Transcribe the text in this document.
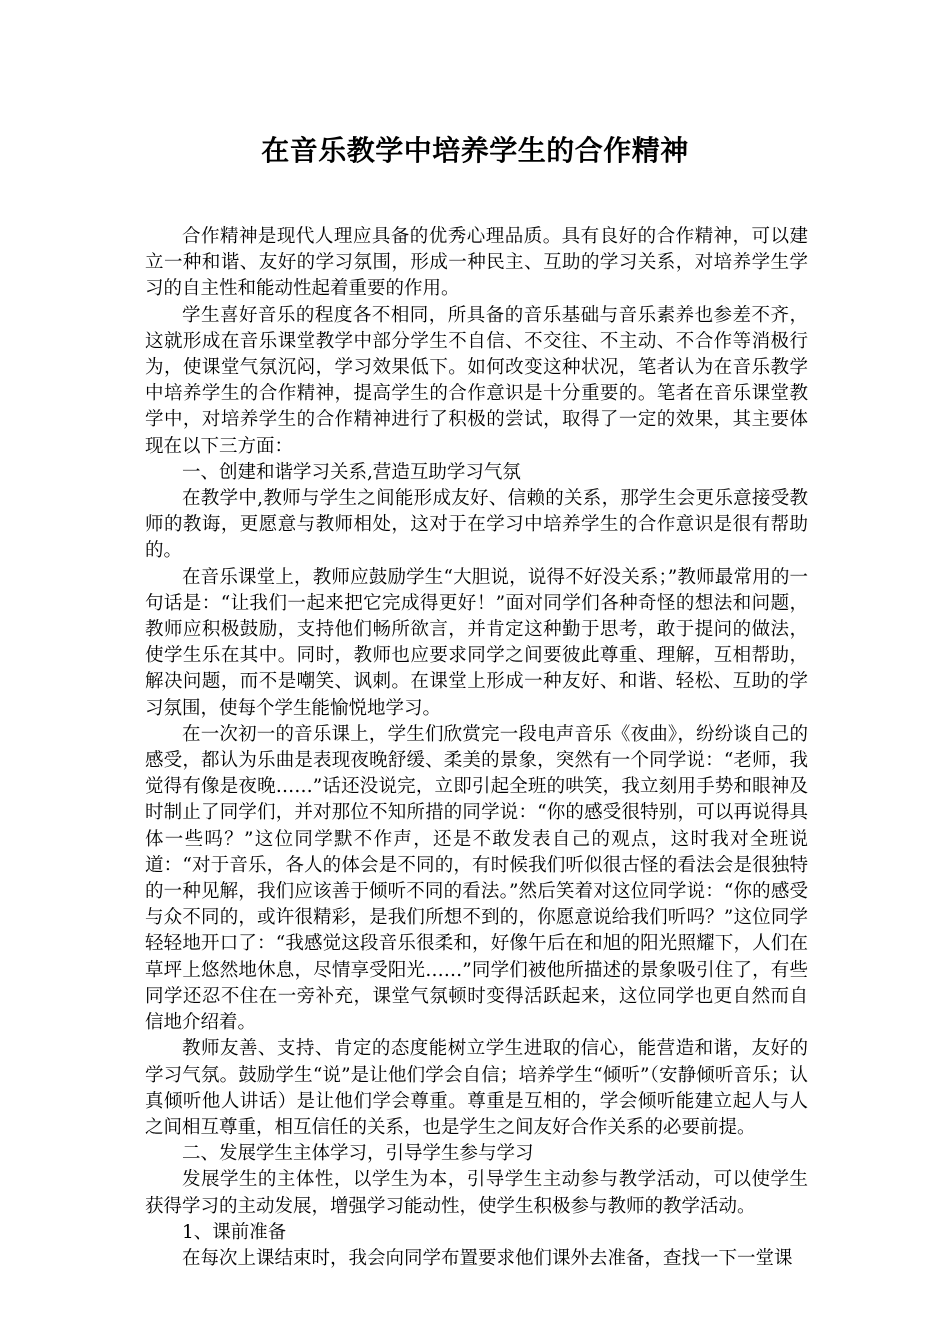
在音乐教学中培养学生的合作精神

合作精神是现代人理应具备的优秀心理品质。具有良好的合作精神，可以建立一种和谐、友好的学习氛围，形成一种民主、互助的学习关系，对培养学生学习的自主性和能动性起着重要的作用。

学生喜好音乐的程度各不相同，所具备的音乐基础与音乐素养也参差不齐，这就形成在音乐课堂教学中部分学生不自信、不交往、不主动、不合作等消极行为，使课堂气氛沉闷，学习效果低下。如何改变这种状况，笔者认为在音乐教学中培养学生的合作精神，提高学生的合作意识是十分重要的。笔者在音乐课堂教学中，对培养学生的合作精神进行了积极的尝试，取得了一定的效果，其主要体现在以下三方面：

一、创建和谐学习关系,营造互助学习气氛

在教学中,教师与学生之间能形成友好、信赖的关系，那学生会更乐意接受教师的教诲，更愿意与教师相处，这对于在学习中培养学生的合作意识是很有帮助的。

在音乐课堂上，教师应鼓励学生“大胆说，说得不好没关系；”教师最常用的一句话是：“让我们一起来把它完成得更好！”面对同学们各种奇怪的想法和问题，教师应积极鼓励，支持他们畅所欲言，并肯定这种勤于思考，敢于提问的做法，使学生乐在其中。同时，教师也应要求同学之间要彼此尊重、理解，互相帮助，解决问题，而不是嘲笑、讽刺。在课堂上形成一种友好、和谐、轻松、互助的学习氛围，使每个学生能愉悦地学习。

在一次初一的音乐课上，学生们欣赏完一段电声音乐《夜曲》，纷纷谈自己的感受，都认为乐曲是表现夜晚舒缓、柔美的景象，突然有一个同学说：“老师，我觉得有像是夜晚……”话还没说完，立即引起全班的哄笑，我立刻用手势和眼神及时制止了同学们，并对那位不知所措的同学说：“你的感受很特别，可以再说得具体一些吗？”这位同学默不作声，还是不敢发表自己的观点，这时我对全班说道：“对于音乐，各人的体会是不同的，有时候我们听似很古怪的看法会是很独特的一种见解，我们应该善于倾听不同的看法。”然后笑着对这位同学说：“你的感受与众不同的，或许很精彩，是我们所想不到的，你愿意说给我们听吗？”这位同学轻轻地开口了：“我感觉这段音乐很柔和，好像午后在和旭的阳光照耀下，人们在草坪上悠然地休息，尽情享受阳光……”同学们被他所描述的景象吸引住了，有些同学还忍不住在一旁补充，课堂气氛顿时变得活跃起来，这位同学也更自然而自信地介绍着。

教师友善、支持、肯定的态度能树立学生进取的信心，能营造和谐，友好的学习气氛。鼓励学生“说”是让他们学会自信；培养学生“倾听”（安静倾听音乐；认真倾听他人讲话）是让他们学会尊重。尊重是互相的，学会倾听能建立起人与人之间相互尊重，相互信任的关系，也是学生之间友好合作关系的必要前提。

二、发展学生主体学习，引导学生参与学习

发展学生的主体性，以学生为本，引导学生主动参与教学活动，可以使学生获得学习的主动发展，增强学习能动性，使学生积极参与教师的教学活动。

1、课前准备

在每次上课结束时，我会向同学布置要求他们课外去准备，查找一下一堂课
